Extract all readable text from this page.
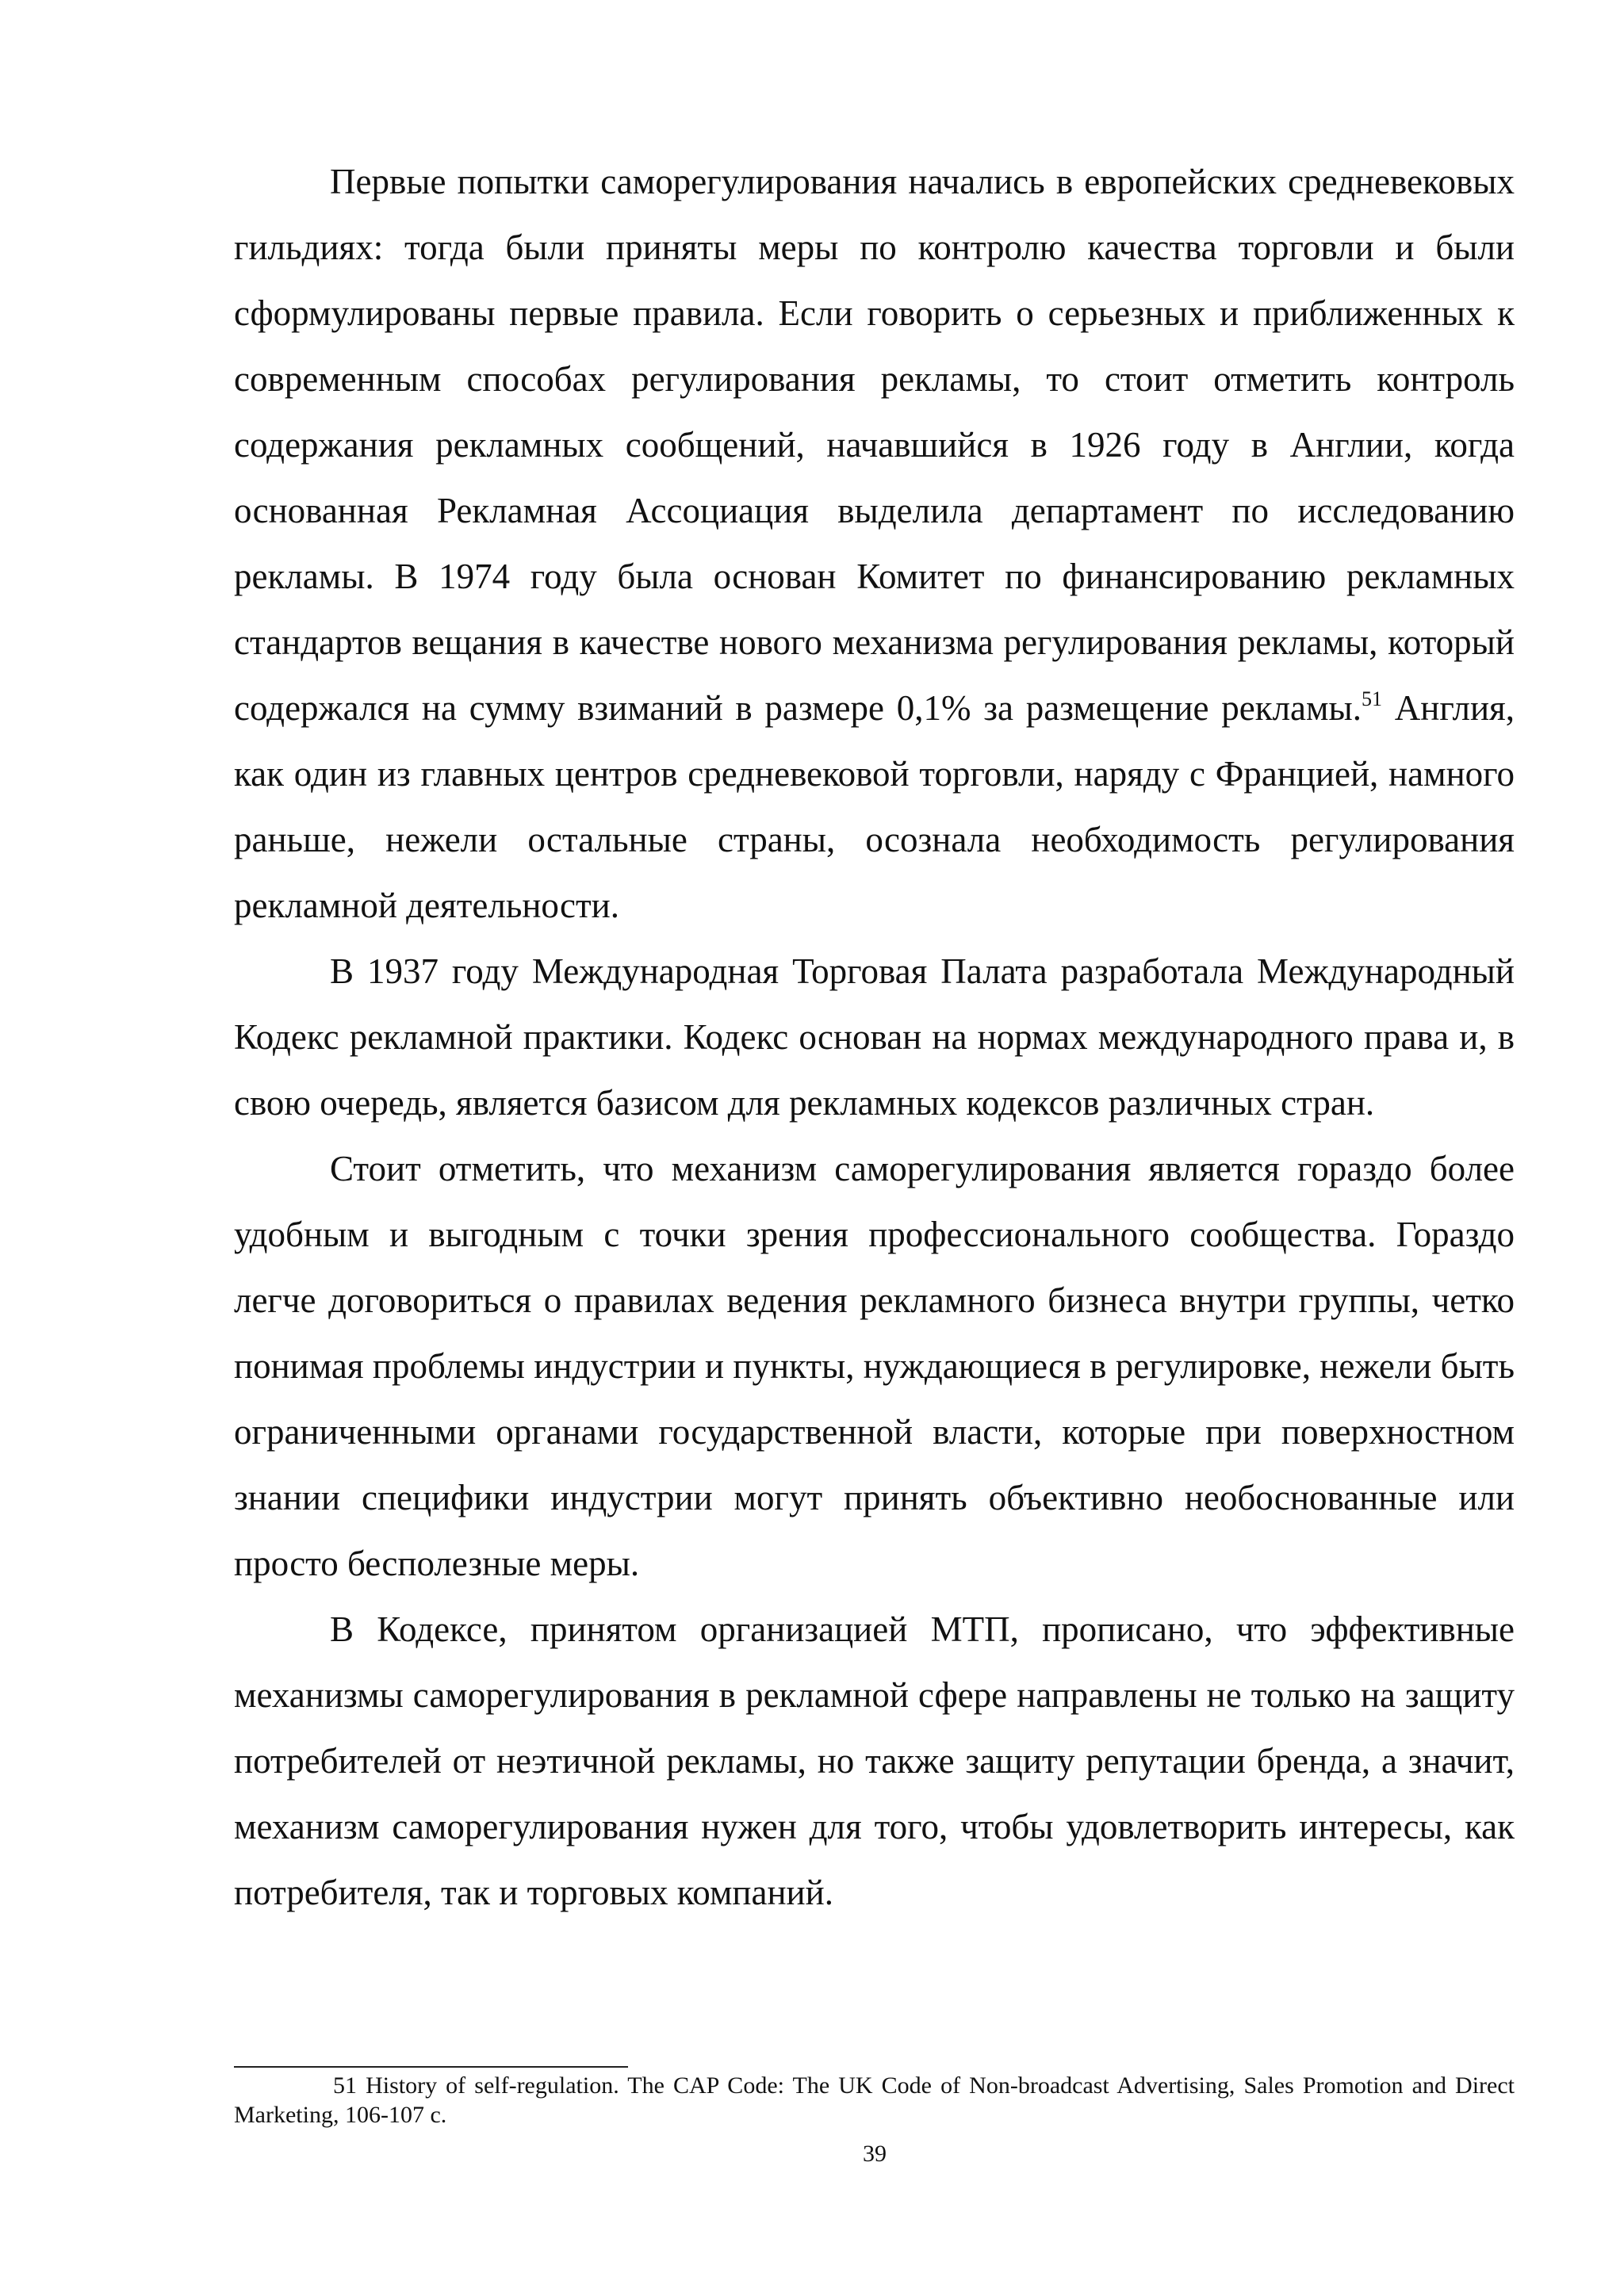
Первые попытки саморегулирования начались в европейских средневековых гильдиях: тогда были приняты меры по контролю качества торговли и были сформулированы первые правила. Если говорить о серьезных и приближенных к современным способах регулирования рекламы, то стоит отметить контроль содержания рекламных сообщений, начавшийся в 1926 году в Англии, когда основанная Рекламная Ассоциация выделила департамент по исследованию рекламы. В 1974 году была основан Комитет по финансированию рекламных стандартов вещания в качестве нового механизма регулирования рекламы, который содержался на сумму взиманий в размере 0,1% за размещение рекламы.$^{51}$ Англия, как один из главных центров средневековой торговли, наряду с Францией, намного раньше, нежели остальные страны, осознала необходимость регулирования рекламной деятельности.

В 1937 году Международная Торговая Палата разработала Международный Кодекс рекламной практики. Кодекс основан на нормах международного права и, в свою очередь, является базисом для рекламных кодексов различных стран.

Стоит отметить, что механизм саморегулирования является гораздо более удобным и выгодным с точки зрения профессионального сообщества. Гораздо легче договориться о правилах ведения рекламного бизнеса внутри группы, четко понимая проблемы индустрии и пункты, нуждающиеся в регулировке, нежели быть ограниченными органами государственной власти, которые при поверхностном знании специфики индустрии могут принять объективно необоснованные или просто бесполезные меры.

В Кодексе, принятом организацией МТП, прописано, что эффективные механизмы саморегулирования в рекламной сфере направлены не только на защиту потребителей от неэтичной рекламы, но также защиту репутации бренда, а значит, механизм саморегулирования нужен для того, чтобы удовлетворить интересы, как потребителя, так и торговых компаний.

51 History of self-regulation. The CAP Code: The UK Code of Non-broadcast Advertising, Sales Promotion and Direct Marketing, 106-107 с.

39
